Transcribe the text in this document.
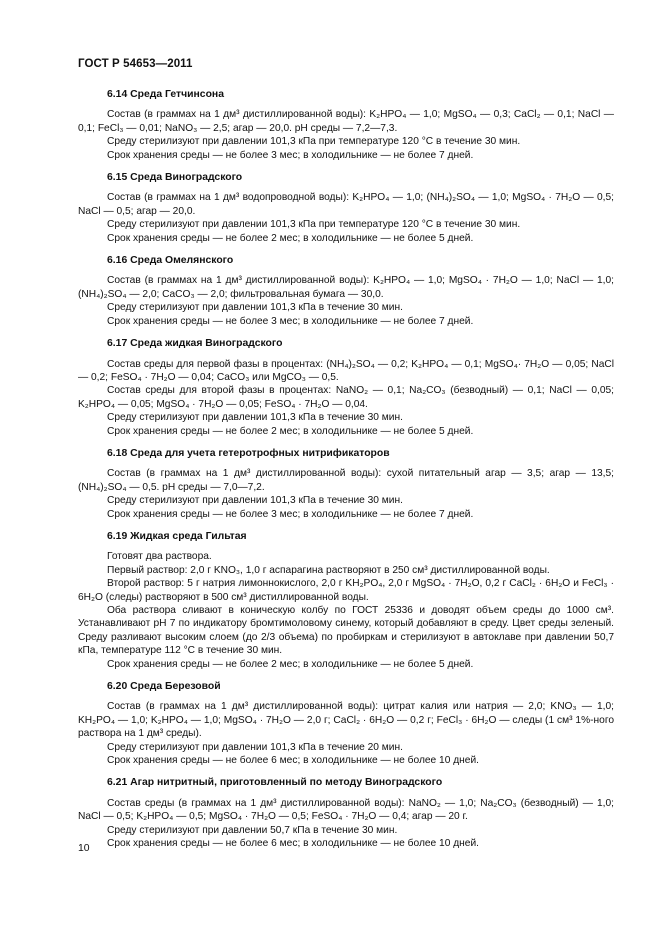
ГОСТ Р 54653—2011
6.14 Среда Гетчинсона

Состав (в граммах на 1 дм³ дистиллированной воды): K₂HPO₄ — 1,0; MgSO₄ — 0,3; CaCl₂ — 0,1; NaCl — 0,1; FeCl₃ — 0,01; NaNO₃ — 2,5; агар — 20,0. pH среды — 7,2—7,3.

Среду стерилизуют при давлении 101,3 кПа при температуре 120 °С в течение 30 мин.

Срок хранения среды — не более 3 мес; в холодильнике — не более 7 дней.

6.15 Среда Виноградского

Состав (в граммах на 1 дм³ водопроводной воды): K₂HPO₄ — 1,0; (NH₄)₂SO₄ — 1,0; MgSO₄ · 7H₂O — 0,5; NaCl — 0,5; агар — 20,0.

Среду стерилизуют при давлении 101,3 кПа при температуре 120 °С в течение 30 мин.

Срок хранения среды — не более 2 мес; в холодильнике — не более 5 дней.

6.16 Среда Омелянского

Состав (в граммах на 1 дм³ дистиллированной воды): K₂HPO₄ — 1,0; MgSO₄ · 7H₂O — 1,0; NaCl — 1,0; (NH₄)₂SO₄ — 2,0; CaCO₃ — 2,0; фильтровальная бумага — 30,0.

Среду стерилизуют при давлении 101,3 кПа в течение 30 мин.

Срок хранения среды — не более 3 мес; в холодильнике — не более 7 дней.

6.17 Среда жидкая Виноградского

Состав среды для первой фазы в процентах: (NH₄)₂SO₄ — 0,2; K₂HPO₄ — 0,1; MgSO₄· 7H₂O — 0,05; NaCl — 0,2; FeSO₄ · 7H₂O — 0,04; CaCO₃ или MgCO₃ — 0,5.

Состав среды для второй фазы в процентах: NaNO₂ — 0,1; Na₂CO₃ (безводный) — 0,1; NaCl — 0,05; K₂HPO₄ — 0,05; MgSO₄ · 7H₂O — 0,05; FeSO₄ · 7H₂O — 0,04.

Среду стерилизуют при давлении 101,3 кПа в течение 30 мин.

Срок хранения среды — не более 2 мес; в холодильнике — не более 5 дней.

6.18 Среда для учета гетеротрофных нитрификаторов

Состав (в граммах на 1 дм³ дистиллированной воды): сухой питательный агар — 3,5; агар — 13,5; (NH₄)₂SO₄ — 0,5. pH среды — 7,0—7,2.

Среду стерилизуют при давлении 101,3 кПа в течение 30 мин.

Срок хранения среды — не более 3 мес; в холодильнике — не более 7 дней.

6.19 Жидкая среда Гильтая

Готовят два раствора.

Первый раствор: 2,0 г KNO₃, 1,0 г аспарагина растворяют в 250 см³ дистиллированной воды.

Второй раствор: 5 г натрия лимоннокислого, 2,0 г KH₂PO₄, 2,0 г MgSO₄ · 7H₂O, 0,2 г CaCl₂ · 6H₂O и FeCl₃ · 6H₂O (следы) растворяют в 500 см³ дистиллированной воды.

Оба раствора сливают в коническую колбу по ГОСТ 25336 и доводят объем среды до 1000 см³. Устанавливают pH 7 по индикатору бромтимоловому синему, который добавляют в среду. Цвет среды зеленый. Среду разливают высоким слоем (до 2/3 объема) по пробиркам и стерилизуют в автоклаве при давлении 50,7 кПа, температуре 112 °С в течение 30 мин.

Срок хранения среды — не более 2 мес; в холодильнике — не более 5 дней.

6.20 Среда Березовой

Состав (в граммах на 1 дм³ дистиллированной воды): цитрат калия или натрия — 2,0; KNO₃ — 1,0; KH₂PO₄ — 1,0; K₂HPO₄ — 1,0; MgSO₄ · 7H₂O — 2,0 г; CaCl₂ · 6H₂O — 0,2 г; FeCl₃ · 6H₂O — следы (1 см³ 1%-ного раствора на 1 дм³ среды).

Среду стерилизуют при давлении 101,3 кПа в течение 20 мин.

Срок хранения среды — не более 6 мес; в холодильнике — не более 10 дней.

6.21 Агар нитритный, приготовленный по методу Виноградского

Состав среды (в граммах на 1 дм³ дистиллированной воды): NaNO₂ — 1,0; Na₂CO₃ (безводный) — 1,0; NaCl — 0,5; K₂HPO₄ — 0,5; MgSO₄ · 7H₂O — 0,5; FeSO₄ · 7H₂O — 0,4; агар — 20 г.

Среду стерилизуют при давлении 50,7 кПа в течение 30 мин.

Срок хранения среды — не более 6 мес; в холодильнике — не более 10 дней.

10
